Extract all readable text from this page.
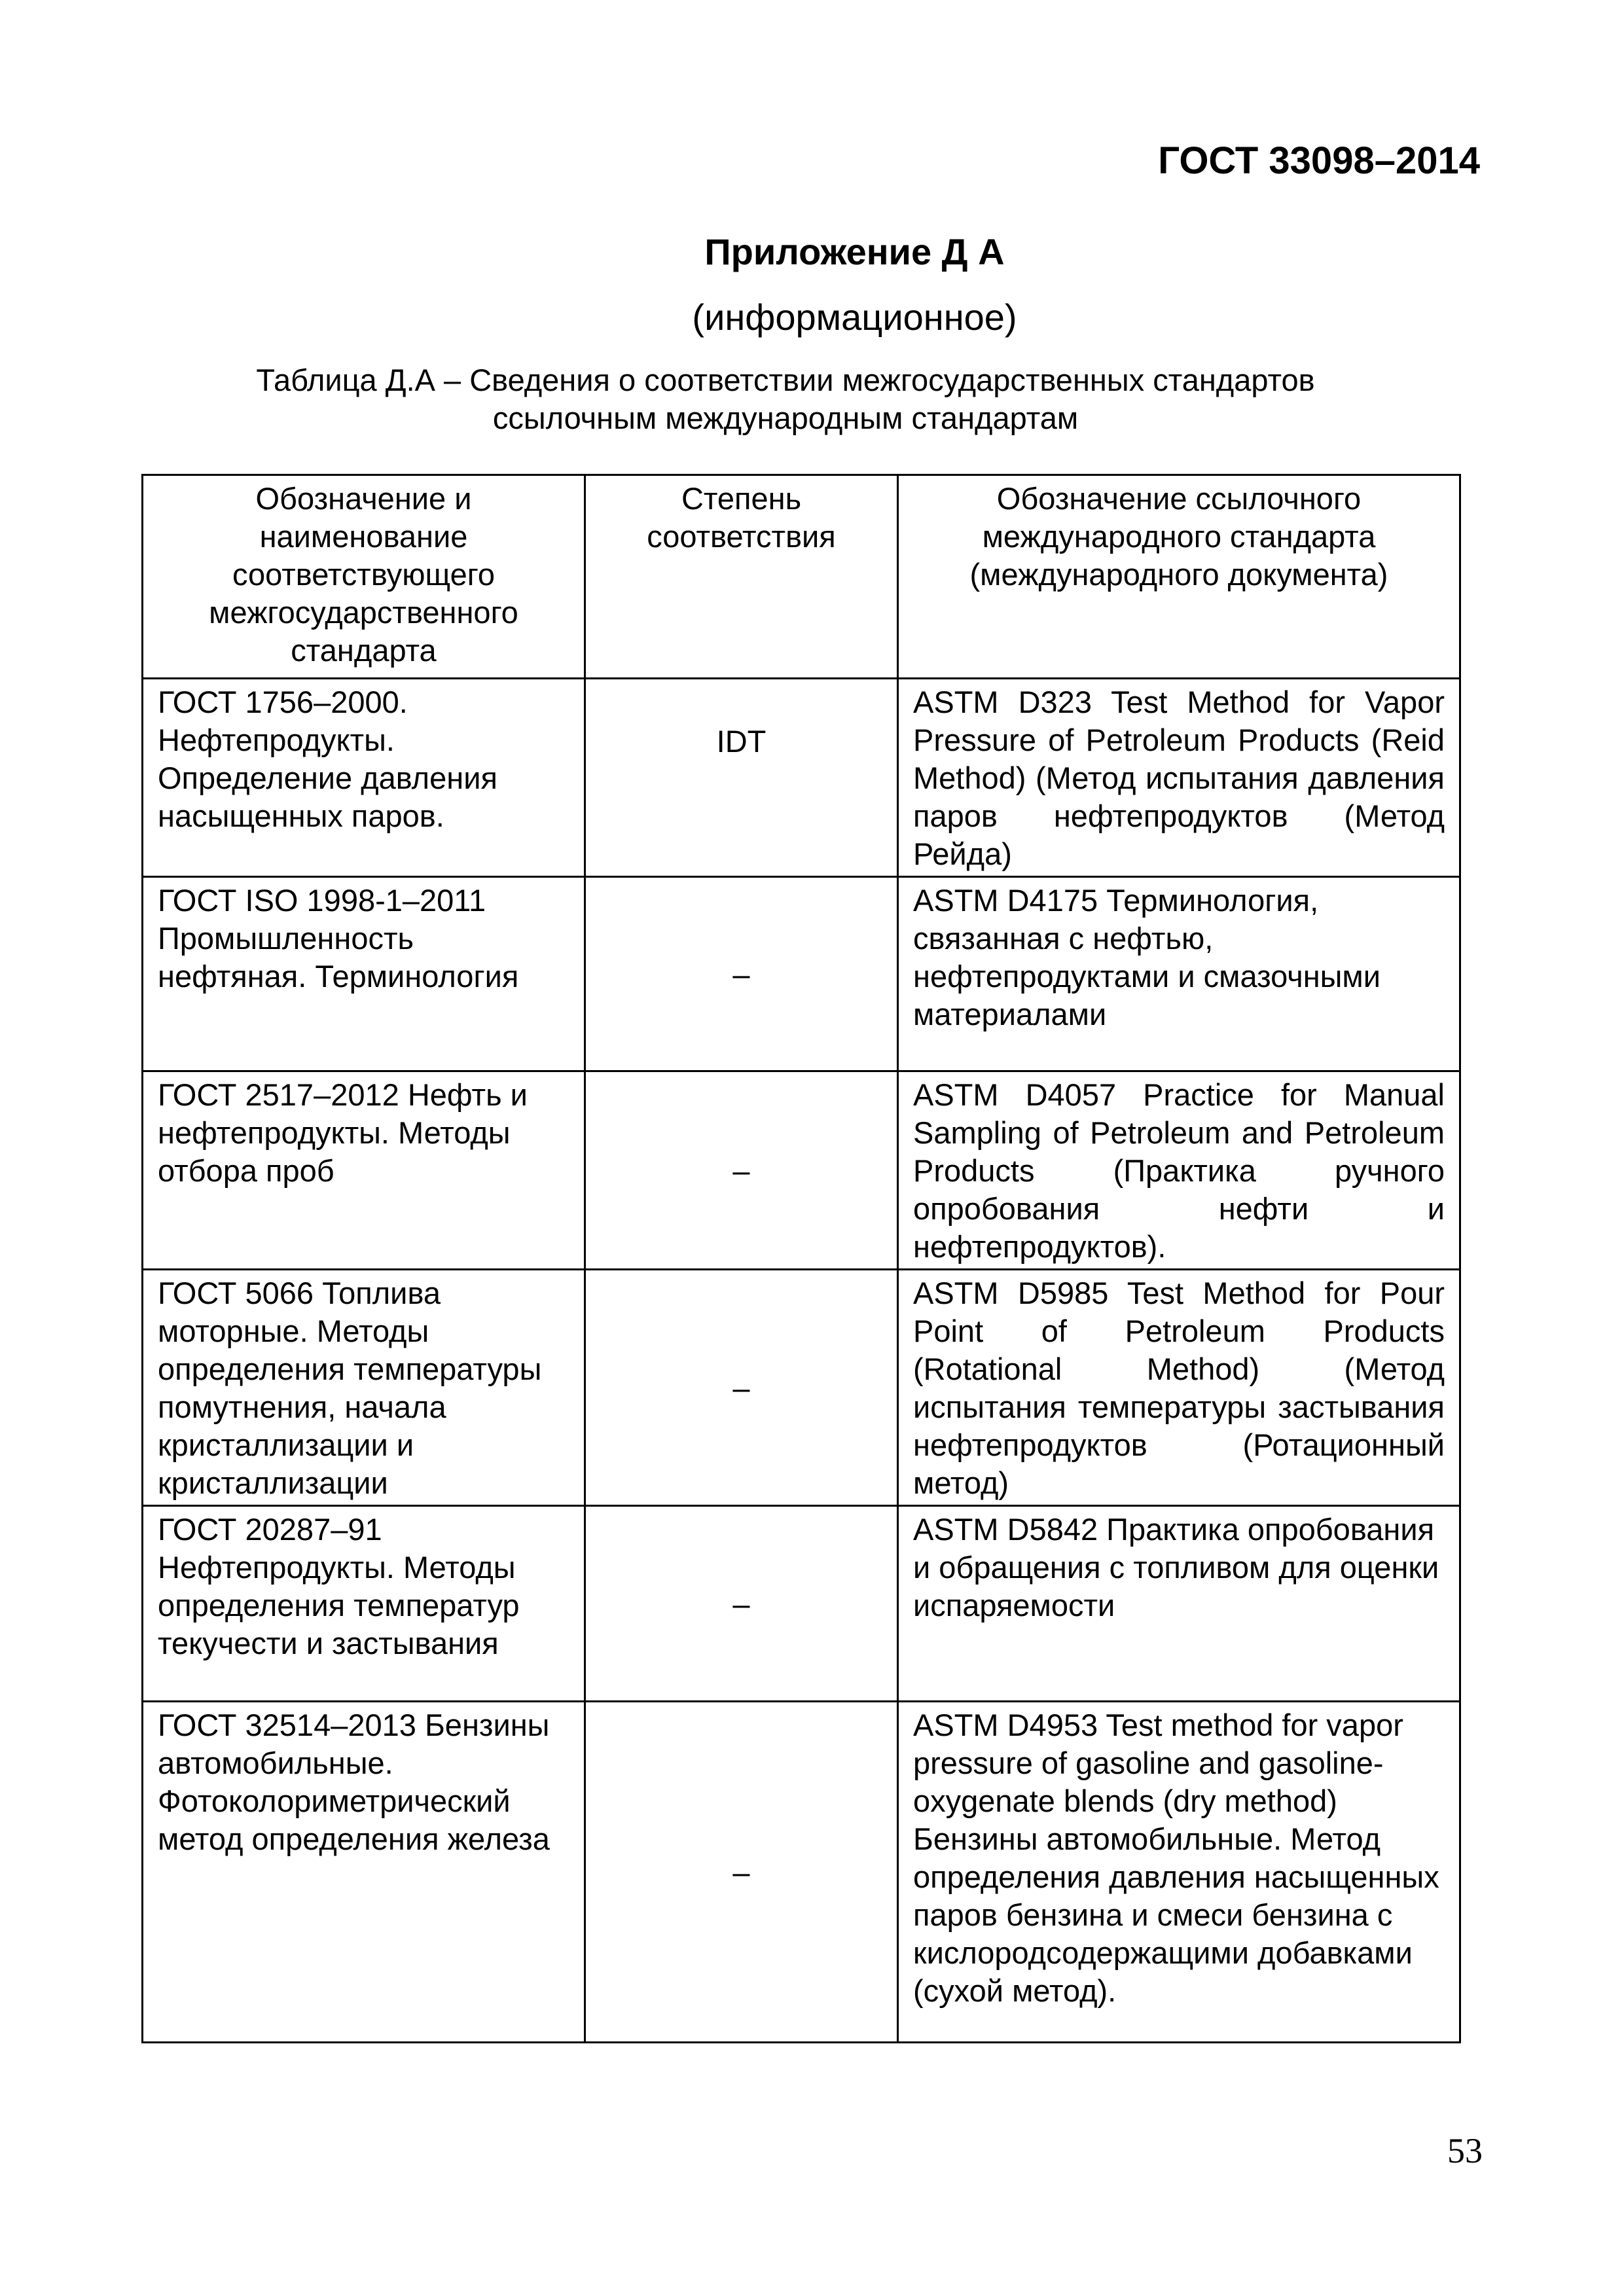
ГОСТ 33098–2014
Приложение Д А
(информационное)
Таблица Д.А – Сведения о соответствии межгосударственных стандартов
ссылочным международным стандартам
Обозначение и наименование соответствующего межгосударственного стандарта	Степень соответствия	Обозначение ссылочного международного стандарта (международного документа)
ГОСТ 1756–2000. Нефтепродукты. Определение давления насыщенных паров.	IDT	ASTM D323 Test Method for Vapor Pressure of Petroleum Products (Reid Method) (Метод испытания давления паров нефтепродуктов (Метод Рейда)
ГОСТ ISO 1998-1–2011 Промышленность нефтяная. Терминология	–	ASTM D4175 Терминология, связанная с нефтью, нефтепродуктами и смазочными материалами
ГОСТ 2517–2012 Нефть и нефтепродукты. Методы отбора проб	–	ASTM D4057 Practice for Manual Sampling of Petroleum and Petroleum Products (Практика ручного опробования нефти и нефтепродуктов).
ГОСТ 5066 Топлива моторные. Методы определения температуры помутнения, начала кристаллизации и кристаллизации	–	ASTM D5985 Test Method for Pour Point of Petroleum Products (Rotational Method) (Метод испытания температуры застывания нефтепродуктов (Ротационный метод)
ГОСТ 20287–91 Нефтепродукты. Методы определения температур текучести и застывания	–	ASTM D5842 Практика опробования и обращения с топливом для оценки испаряемости
ГОСТ 32514–2013 Бензины автомобильные. Фотоколориметрический метод определения железа	–	ASTM D4953 Test method for vapor pressure of gasoline and gasoline-oxygenate blends (dry method) Бензины автомобильные. Метод определения давления насыщенных паров бензина и смеси бензина с кислородсодержащими добавками (сухой метод).
53
